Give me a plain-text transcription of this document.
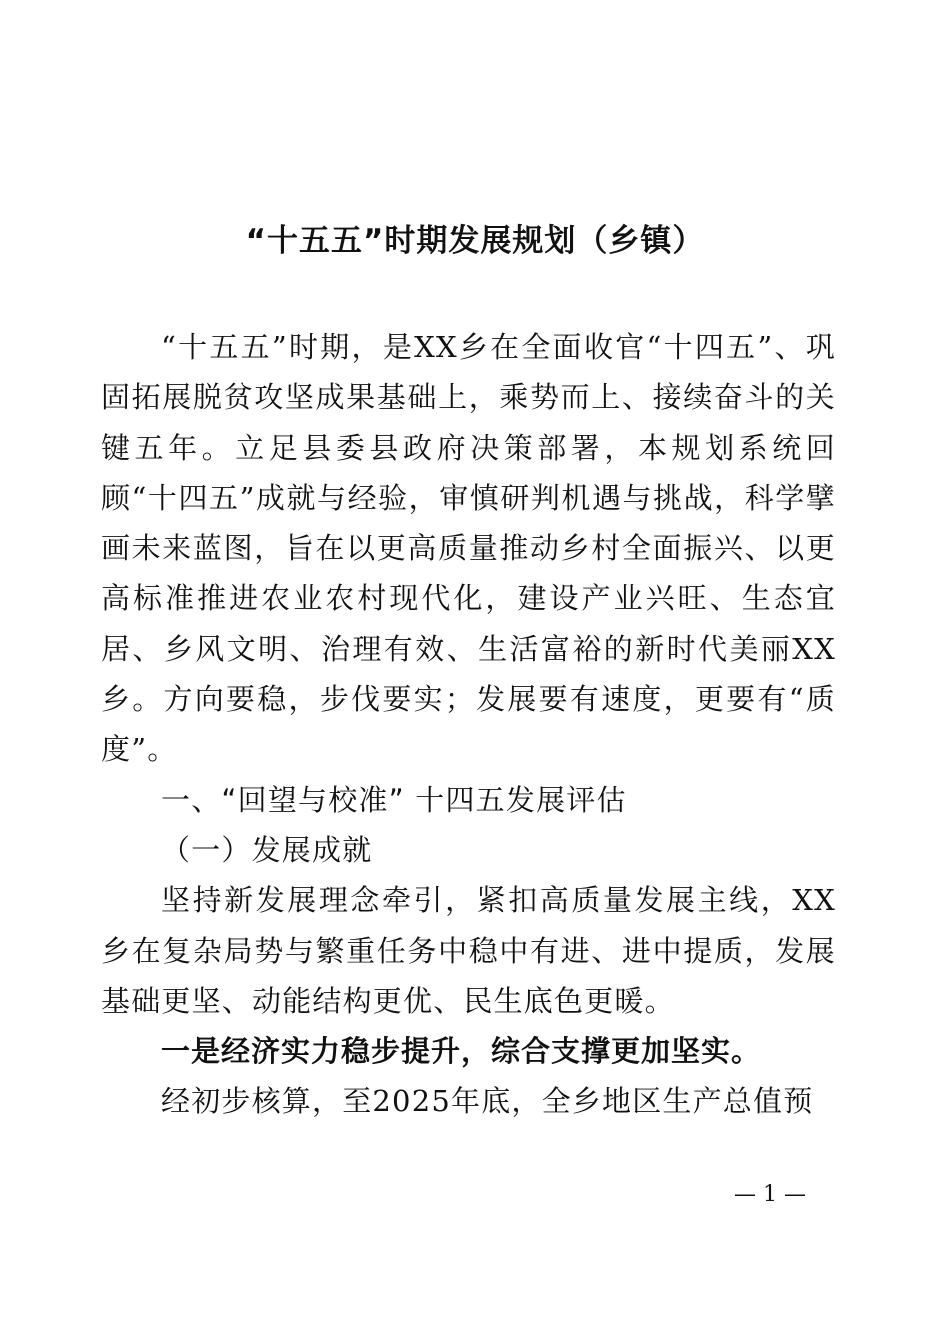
“十五五”时期发展规划（乡镇）

“十五五”时期，是XX乡在全面收官“十四五”、巩固拓展脱贫攻坚成果基础上，乘势而上、接续奋斗的关键五年。立足县委县政府决策部署，本规划系统回顾“十四五”成就与经验，审慎研判机遇与挑战，科学擘画未来蓝图，旨在以更高质量推动乡村全面振兴、以更高标准推进农业农村现代化，建设产业兴旺、生态宜居、乡风文明、治理有效、生活富裕的新时代美丽XX乡。方向要稳，步伐要实；发展要有速度，更要有“质度”。

一、“回望与校准” 十四五发展评估

（一）发展成就

坚持新发展理念牵引，紧扣高质量发展主线，XX乡在复杂局势与繁重任务中稳中有进、进中提质，发展基础更坚、动能结构更优、民生底色更暖。

一是经济实力稳步提升，综合支撑更加坚实。

经初步核算，至2025年底，全乡地区生产总值预

— 1 —
